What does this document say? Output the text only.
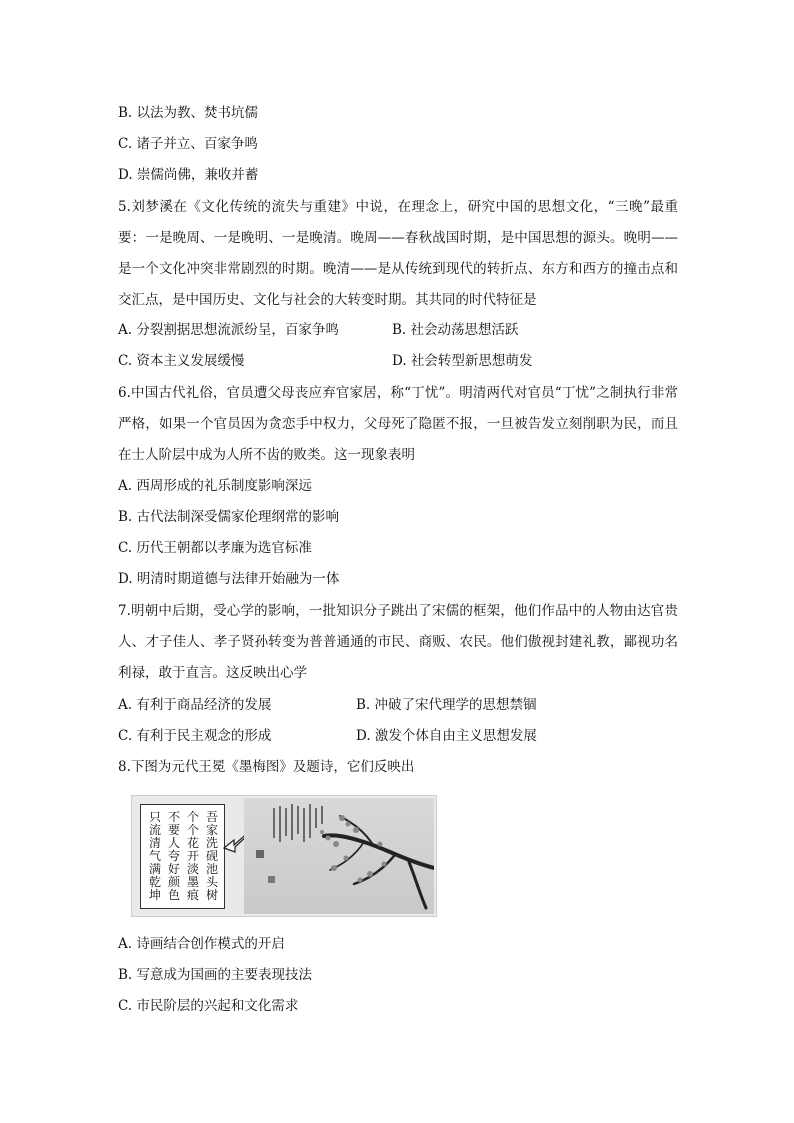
B. 以法为教、焚书坑儒
C. 诸子并立、百家争鸣
D. 崇儒尚佛，兼收并蓄
5.刘梦溪在《文化传统的流失与重建》中说，在理念上，研究中国的思想文化，“三晚”最重要：一是晚周、一是晚明、一是晚清。晚周——春秋战国时期，是中国思想的源头。晚明——是一个文化冲突非常剧烈的时期。晚清——是从传统到现代的转折点、东方和西方的撞击点和交汇点，是中国历史、文化与社会的大转变时期。其共同的时代特征是
A. 分裂割据思想流派纷呈，百家争鸣	B. 社会动荡思想活跃
C. 资本主义发展缓慢	D. 社会转型新思想萌发
6.中国古代礼俗，官员遭父母丧应弃官家居，称“丁忧”。明清两代对官员“丁忧”之制执行非常严格，如果一个官员因为贪恋手中权力，父母死了隐匿不报，一旦被告发立刻削职为民，而且在士人阶层中成为人所不齿的败类。这一现象表明
A. 西周形成的礼乐制度影响深远
B. 古代法制深受儒家伦理纲常的影响
C. 历代王朝都以孝廉为选官标准
D. 明清时期道德与法律开始融为一体
7.明朝中后期，受心学的影响，一批知识分子跳出了宋儒的框架，他们作品中的人物由达官贵人、才子佳人、孝子贤孙转变为普普通通的市民、商贩、农民。他们傲视封建礼教，鄙视功名利禄，敢于直言。这反映出心学
A. 有利于商品经济的发展	B. 冲破了宋代理学的思想禁锢
C. 有利于民主观念的形成	D. 激发个体自由主义思想发展
8.下图为元代王冕《墨梅图》及题诗，它们反映出
吾家洗砚池头树
个个花开淡墨痕
不要人夸好颜色
只流清气满乾坤
A. 诗画结合创作模式的开启
B. 写意成为国画的主要表现技法
C. 市民阶层的兴起和文化需求
